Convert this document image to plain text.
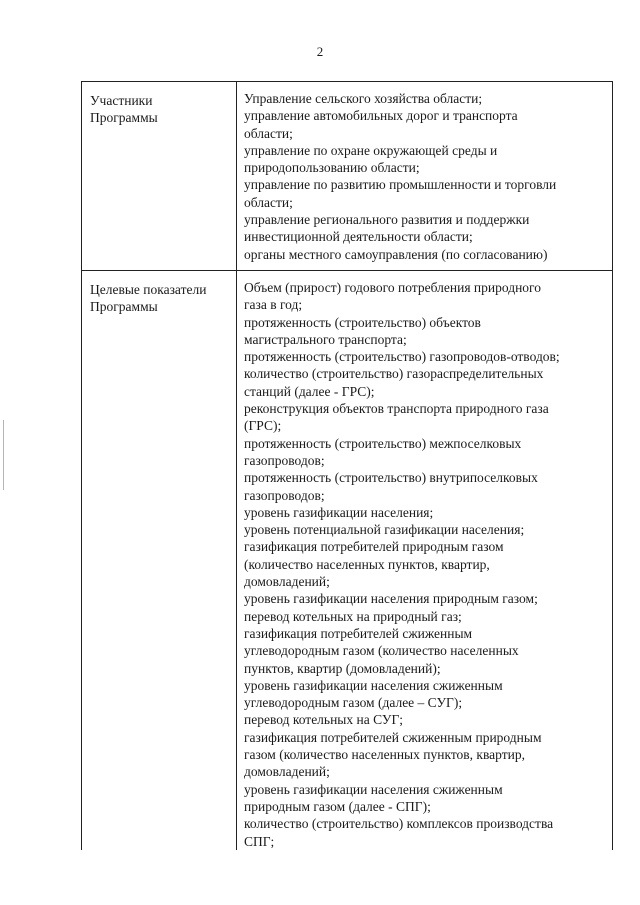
2
Участники
Программы
Управление сельского хозяйства области;
управление автомобильных дорог и транспорта
области;
управление по охране окружающей среды и
природопользованию области;
управление по развитию промышленности и торговли
области;
управление регионального развития и поддержки
инвестиционной деятельности области;
органы местного самоуправления (по согласованию)
Целевые показатели
Программы
Объем (прирост) годового потребления природного
газа в год;
протяженность (строительство) объектов
магистрального транспорта;
протяженность (строительство) газопроводов-отводов;
количество (строительство) газораспределительных
станций (далее - ГРС);
реконструкция объектов транспорта природного газа
(ГРС);
протяженность (строительство) межпоселковых
газопроводов;
протяженность (строительство) внутрипоселковых
газопроводов;
уровень газификации населения;
уровень потенциальной газификации населения;
газификация потребителей природным газом
(количество населенных пунктов, квартир,
домовладений;
уровень газификации населения природным газом;
перевод котельных на природный газ;
газификация потребителей сжиженным
углеводородным газом (количество населенных
пунктов, квартир (домовладений);
уровень газификации населения сжиженным
углеводородным газом (далее – СУГ);
перевод котельных на СУГ;
газификация потребителей сжиженным природным
газом (количество населенных пунктов, квартир,
домовладений;
уровень газификации населения сжиженным
природным газом (далее - СПГ);
количество (строительство) комплексов производства
СПГ;
